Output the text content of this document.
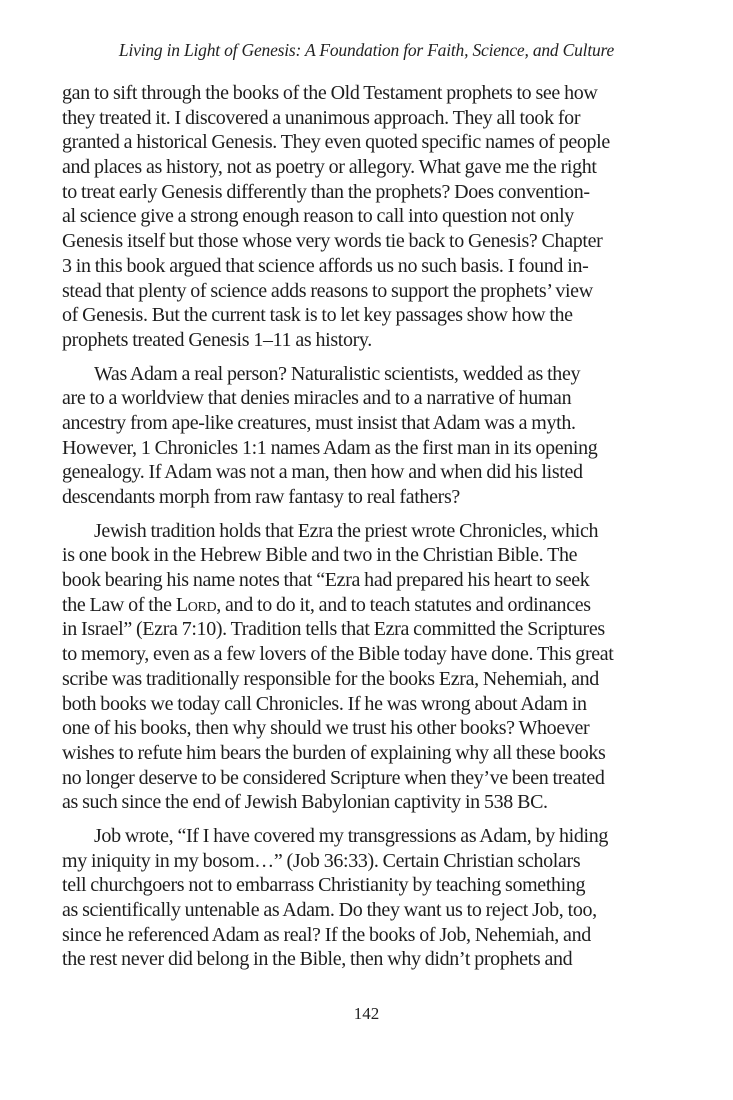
Living in Light of Genesis: A Foundation for Faith, Science, and Culture
gan to sift through the books of the Old Testament prophets to see how
they treated it. I discovered a unanimous approach. They all took for
granted a historical Genesis. They even quoted specific names of people
and places as history, not as poetry or allegory. What gave me the right
to treat early Genesis differently than the prophets? Does convention-
al science give a strong enough reason to call into question not only
Genesis itself but those whose very words tie back to Genesis? Chapter
3 in this book argued that science affords us no such basis. I found in-
stead that plenty of science adds reasons to support the prophets’ view
of Genesis. But the current task is to let key passages show how the
prophets treated Genesis 1–11 as history.
Was Adam a real person? Naturalistic scientists, wedded as they
are to a worldview that denies miracles and to a narrative of human
ancestry from ape-like creatures, must insist that Adam was a myth.
However, 1 Chronicles 1:1 names Adam as the first man in its opening
genealogy. If Adam was not a man, then how and when did his listed
descendants morph from raw fantasy to real fathers?
Jewish tradition holds that Ezra the priest wrote Chronicles, which
is one book in the Hebrew Bible and two in the Christian Bible. The
book bearing his name notes that “Ezra had prepared his heart to seek
the Law of the Lord, and to do it, and to teach statutes and ordinances
in Israel” (Ezra 7:10). Tradition tells that Ezra committed the Scriptures
to memory, even as a few lovers of the Bible today have done. This great
scribe was traditionally responsible for the books Ezra, Nehemiah, and
both books we today call Chronicles. If he was wrong about Adam in
one of his books, then why should we trust his other books? Whoever
wishes to refute him bears the burden of explaining why all these books
no longer deserve to be considered Scripture when they’ve been treated
as such since the end of Jewish Babylonian captivity in 538 BC.
Job wrote, “If I have covered my transgressions as Adam, by hiding
my iniquity in my bosom…” (Job 36:33). Certain Christian scholars
tell churchgoers not to embarrass Christianity by teaching something
as scientifically untenable as Adam. Do they want us to reject Job, too,
since he referenced Adam as real? If the books of Job, Nehemiah, and
the rest never did belong in the Bible, then why didn’t prophets and
142
